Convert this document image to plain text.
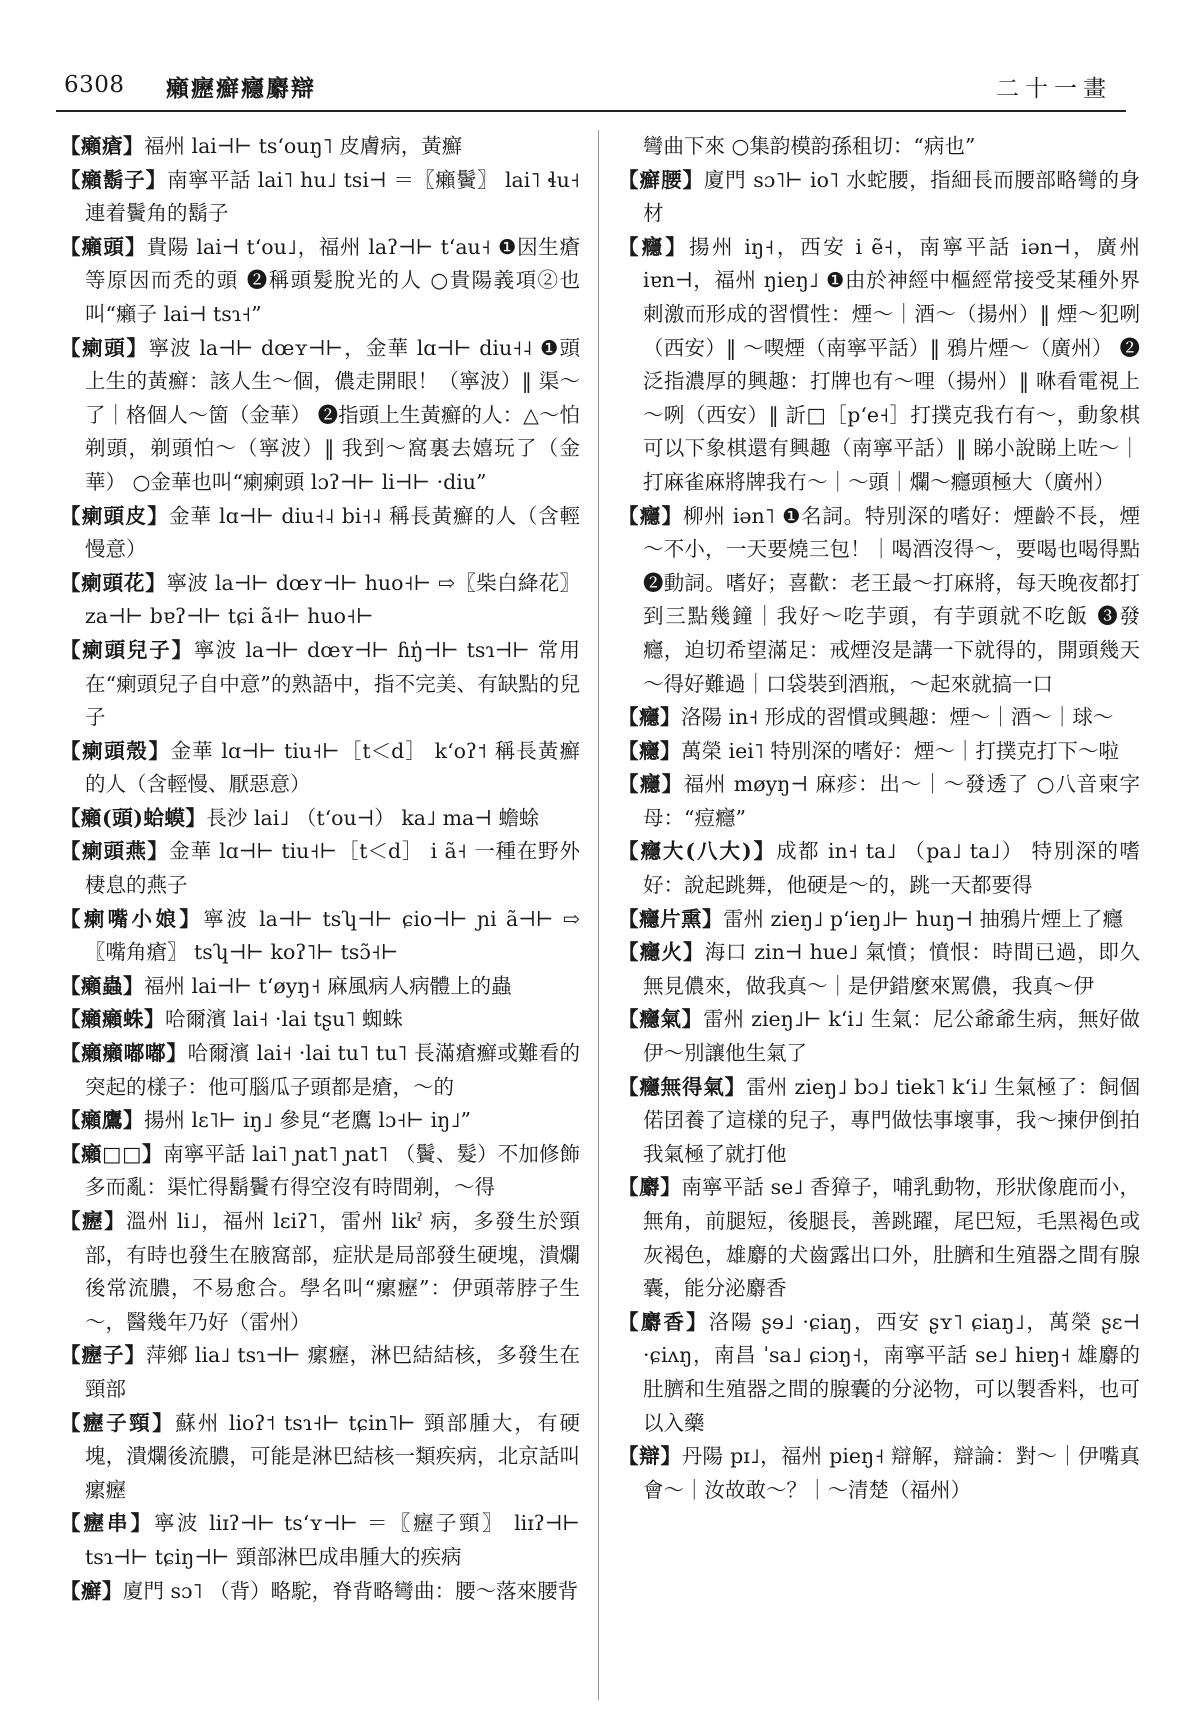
6308 癩癧癬癮麝辯	二十一畫

【癩瘡】福州 lai⊣⊢ tsʻouŋ˥ 皮膚病，黃癬

【癩鬍子】南寧平話 lai˥ hu˩ tsi⊣ ＝〖癩鬢〗 lai˥ ɬu˧ 連着鬢角的鬍子

【癩頭】貴陽 lai⊣ tʻou˩，福州 laʔ⊣⊢ tʻau˧ ❶因生瘡等原因而禿的頭 ❷稱頭髮脫光的人 ○貴陽義項②也叫“癩子 lai⊣ tsɿ˧”

【瘌頭】寧波 la⊣⊢ dœʏ⊣⊢，金華 lɑ⊣⊢ diu˧˨ ❶頭上生的黃癬：該人生～個，儂走開眼！（寧波）‖ 渠～了｜格個人～箇（金華） ❷指頭上生黃癬的人：△～怕剃頭，剃頭怕～（寧波）‖ 我到～窩裏去嬉玩了（金華） ○金華也叫“瘌瘌頭 lɔʔ⊣⊢ li⊣⊢ ·diu”

【瘌頭皮】金華 lɑ⊣⊢ diu˧˨ bi˧˨ 稱長黃癬的人（含輕慢意）

【瘌頭花】寧波 la⊣⊢ dœʏ⊣⊢ huo˧⊢ ⇨〖柴白絳花〗 za⊣⊢ bɐʔ⊣⊢ tɕi ã˧⊢ huo˧⊢

【瘌頭兒子】寧波 la⊣⊢ dœʏ⊣⊢ ɦŋ̍⊣⊢ tsɿ⊣⊢ 常用在“瘌頭兒子自中意”的熟語中，指不完美、有缺點的兒子

【瘌頭殼】金華 lɑ⊣⊢ tiu˧⊢［t＜d］ kʻoʔ˦ 稱長黃癬的人（含輕慢、厭惡意）

【癩(頭)蛤蟆】長沙 lai˩ （tʻou⊣） ka˩ ma⊣ 蟾蜍

【瘌頭燕】金華 lɑ⊣⊢ tiu˧⊢［t＜d］ i ã˧ 一種在野外棲息的燕子

【瘌嘴小娘】寧波 la⊣⊢ tsʮ⊣⊢ ɕio⊣⊢ ɲi ã⊣⊢ ⇨〖嘴角瘡〗 tsʮ⊣⊢ koʔ˥⊢ tsɔ̃˧⊢

【癩蟲】福州 lai⊣⊢ tʻøyŋ˧ 麻風病人病體上的蟲

【癩癩蛛】哈爾濱 lai˧ ·lai tʂu˥ 蜘蛛

【癩癩嘟嘟】哈爾濱 lai˧ ·lai tu˥ tu˥ 長滿瘡癬或難看的突起的樣子：他可腦瓜子頭都是瘡，～的

【癩鷹】揚州 lɛ˥⊢ iŋ˩ 參見“老鷹 lɔ˧⊢ iŋ˩”

【癩□□】南寧平話 lai˥ ɲat˥ ɲat˥ （鬢、髮）不加修飾多而亂：渠忙得鬍鬢冇得空沒有時間剃，～得

【癧】溫州 li˩，福州 lɛiʔ˥，雷州 likˀ 病，多發生於頸部，有時也發生在腋窩部，症狀是局部發生硬塊，潰爛後常流膿，不易愈合。學名叫“瘰癧”：伊頭蒂脖子生～，醫幾年乃好（雷州）

【癧子】萍鄉 lia˩ tsɿ⊣⊢ 瘰癧，淋巴結結核，多發生在頸部

【癧子頸】蘇州 lioʔ˦ tsɿ˧⊢ tɕin˥⊢ 頸部腫大，有硬塊，潰爛後流膿，可能是淋巴結核一類疾病，北京話叫瘰癧

【癧串】寧波 liɪʔ⊣⊢ tsʻʏ⊣⊢ ＝〖癧子頸〗 liɪʔ⊣⊢ tsɿ⊣⊢ tɕiŋ⊣⊢ 頸部淋巴成串腫大的疾病

【癬】廈門 sɔ˥ （背）略駝，脊背略彎曲：腰～落來腰背

彎曲下來 ○集韵模韵孫租切：“病也”

【癬腰】廈門 sɔ˥⊢ io˥ 水蛇腰，指細長而腰部略彎的身材

【癮】揚州 iŋ˧，西安 i ẽ˧，南寧平話 iən⊣，廣州 iɐn⊣，福州 ŋieŋ˩ ❶由於神經中樞經常接受某種外界刺激而形成的習慣性：煙～｜酒～（揚州）‖ 煙～犯咧（西安）‖ ～喫煙（南寧平話）‖ 鴉片煙～（廣州） ❷泛指濃厚的興趣：打牌也有～哩（揚州）‖ 咻看電視上～咧（西安）‖ 訢□［pʻe˧］打撲克我冇有～，動象棋可以下象棋還有興趣（南寧平話）‖ 睇小說睇上咗～｜打麻雀麻將牌我冇～｜～頭｜爛～癮頭極大（廣州）

【癮】柳州 iən˥ ❶名詞。特別深的嗜好：煙齡不長，煙～不小，一天要燒三包！｜喝酒沒得～，要喝也喝得點 ❷動詞。嗜好；喜歡：老王最～打麻將，每天晚夜都打到三點幾鐘｜我好～吃芋頭，有芋頭就不吃飯 ❸發癮，迫切希望滿足：戒煙沒是講一下就得的，開頭幾天～得好難過｜口袋裝到酒瓶，～起來就搞一口

【癮】洛陽 in˧ 形成的習慣或興趣：煙～｜酒～｜球～

【癮】萬榮 iei˥ 特別深的嗜好：煙～｜打撲克打下～啦

【癮】福州 møyŋ⊣ 麻疹：出～｜～發透了 ○八音柬字母：“痘癮”

【癮大(八大)】成都 in˧ ta˩ （pa˩ ta˩） 特別深的嗜好：說起跳舞，他硬是～的，跳一天都要得

【癮片熏】雷州 zieŋ˩ pʻieŋ˩⊢ huŋ⊣ 抽鴉片煙上了癮

【癮火】海口 zin⊣ hue˩ 氣憤；憤恨：時間已過，即久無見儂來，做我真～｜是伊錯麼來罵儂，我真～伊

【癮氣】雷州 zieŋ˩⊢ kʻi˩ 生氣：尼公爺爺生病，無好做伊～別讓他生氣了

【癮無得氣】雷州 zieŋ˩ bɔ˩ tiek˥ kʻi˩ 生氣極了：飼個偌囝養了這樣的兒子，專門做怯事壞事，我～揀伊倒拍我氣極了就打他

【麝】南寧平話 se˩ 香獐子，哺乳動物，形狀像鹿而小，無角，前腿短，後腿長，善跳躍，尾巴短，毛黑褐色或灰褐色，雄麝的犬齒露出口外，肚臍和生殖器之間有腺囊，能分泌麝香

【麝香】洛陽 ʂɘ˩ ·ɕiaŋ，西安 ʂʏ˥ ɕiaŋ˩，萬榮 ʂɛ⊣ ·ɕiʌŋ，南昌 ˈsa˩ ɕiɔŋ˧，南寧平話 se˩ hiɐŋ˧ 雄麝的肚臍和生殖器之間的腺囊的分泌物，可以製香料，也可以入藥

【辯】丹陽 pɪ˩，福州 pieŋ˧ 辯解，辯論：對～｜伊嘴真會～｜汝故敢～？｜～清楚（福州）
